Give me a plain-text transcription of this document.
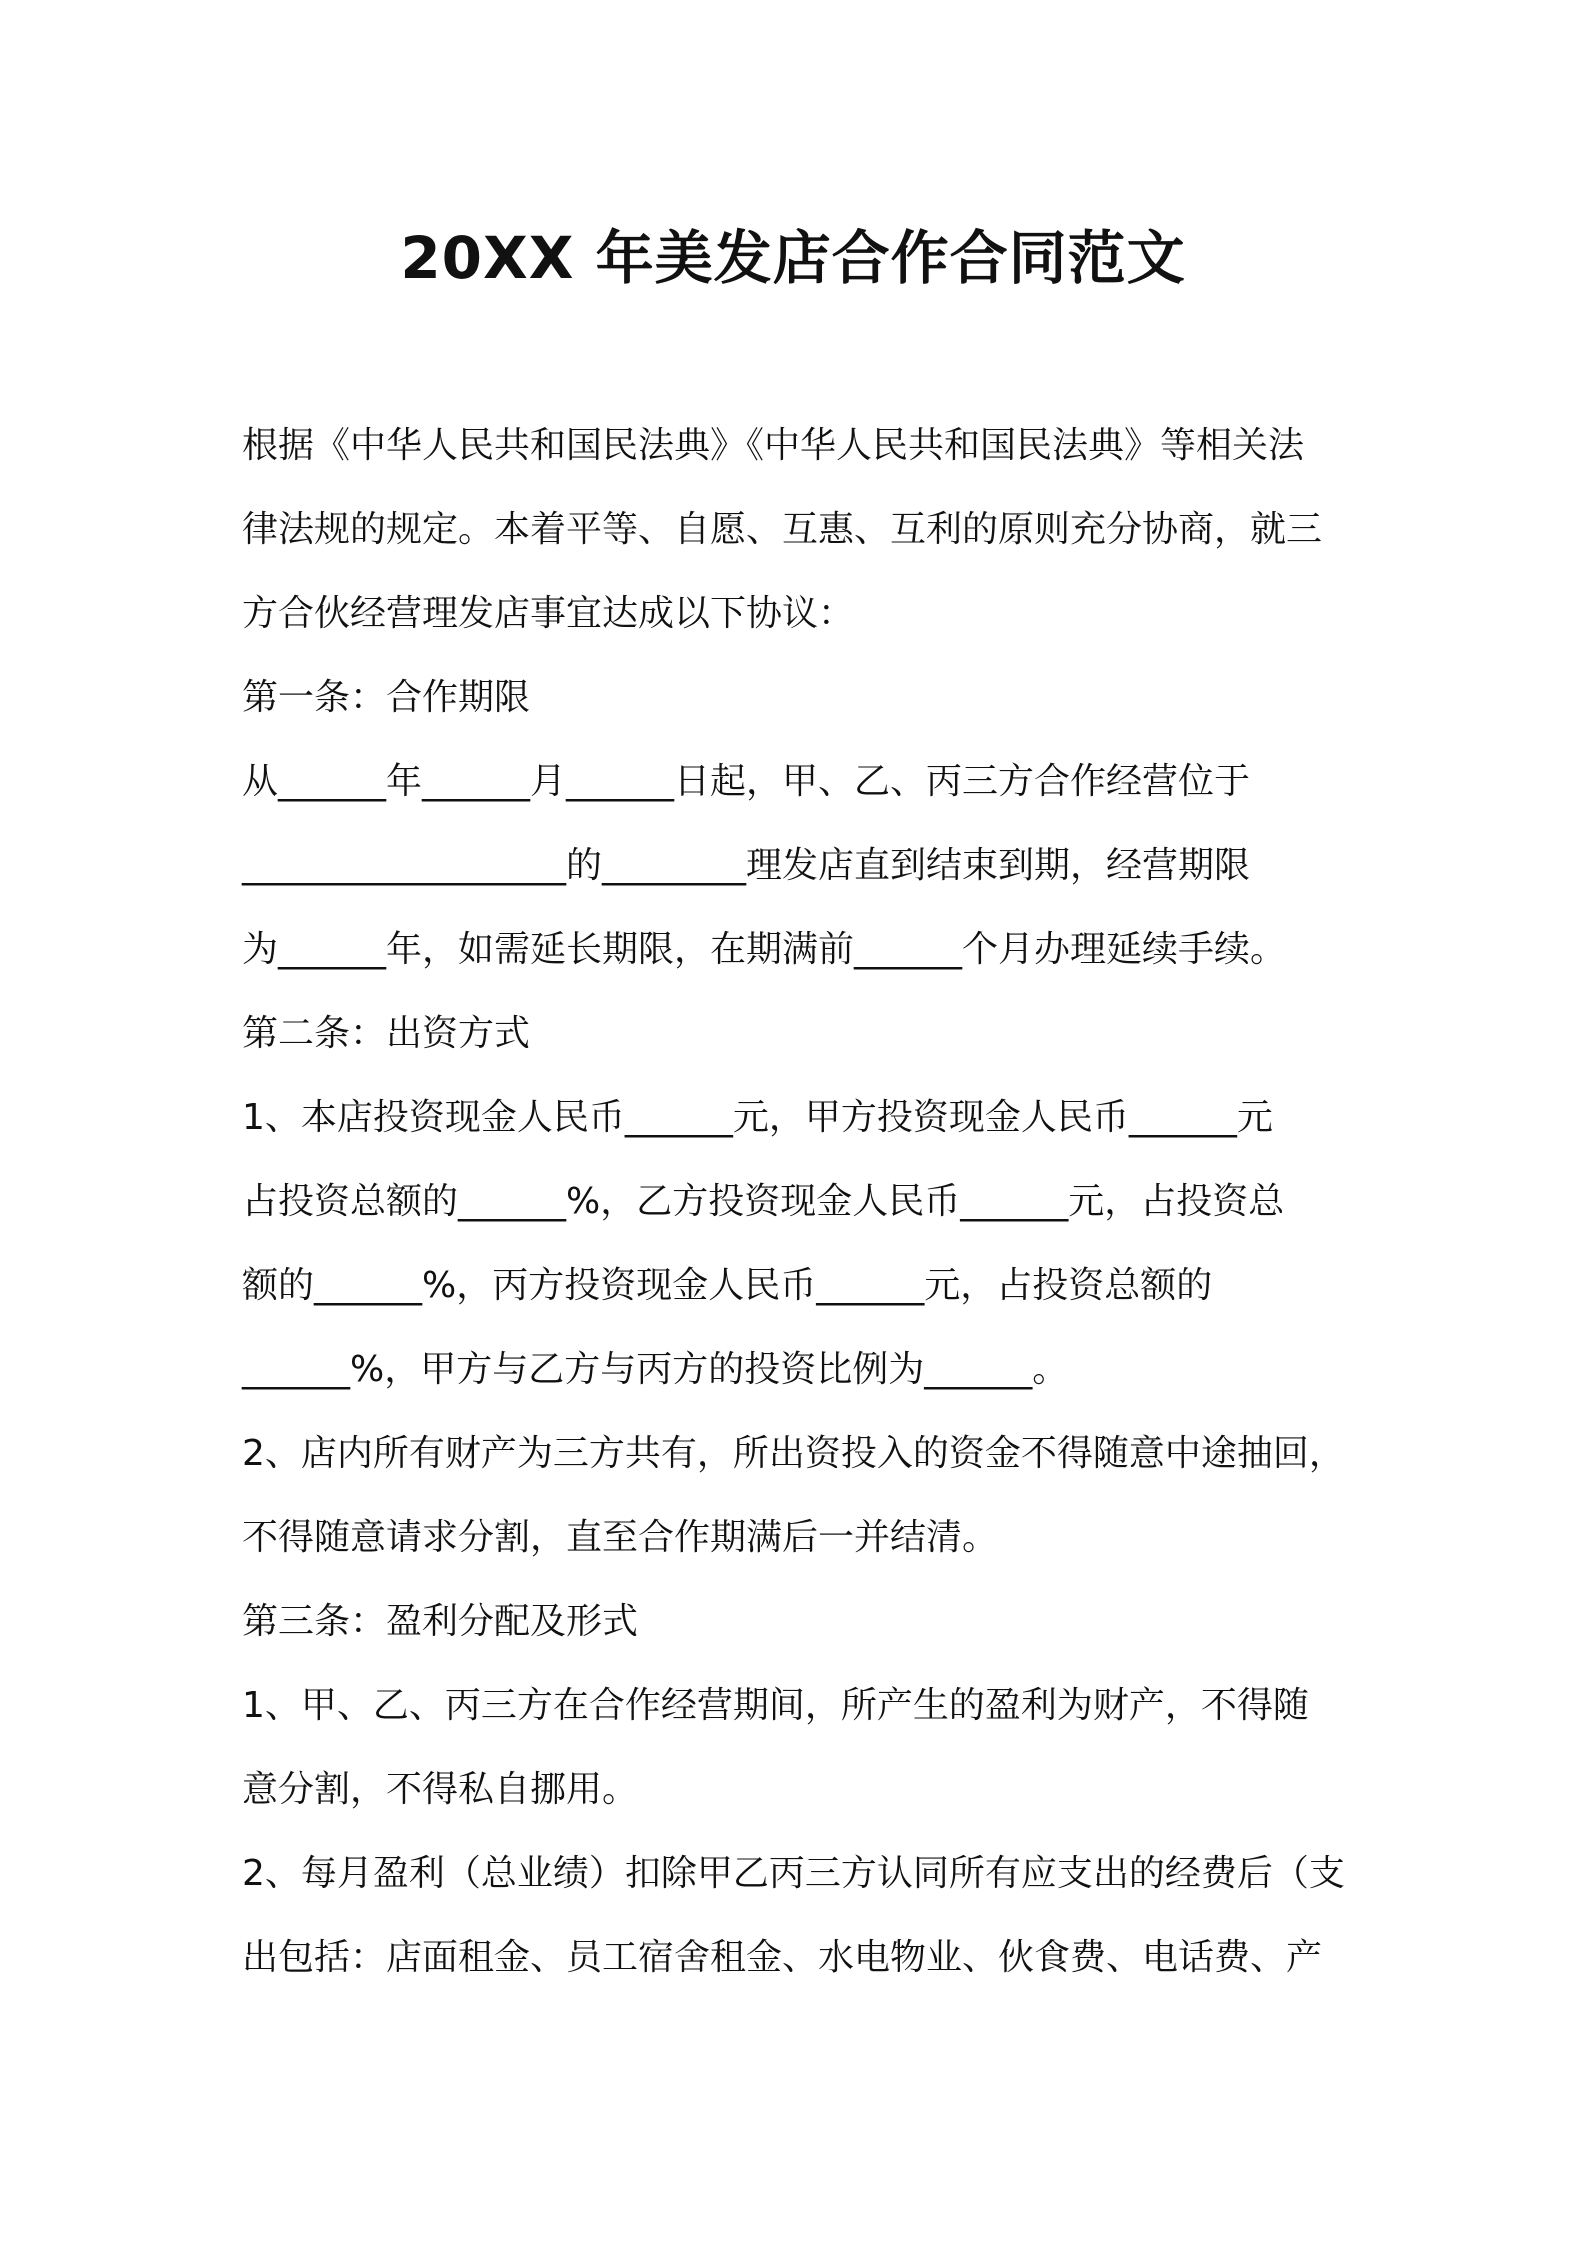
20XX 年美发店合作合同范文
根据《中华人民共和国民法典》《中华人民共和国民法典》等相关法
律法规的规定。本着平等、自愿、互惠、互利的原则充分协商，就三
方合伙经营理发店事宜达成以下协议：
第一条：合作期限
从______年______月______日起，甲、乙、丙三方合作经营位于
__________________的________理发店直到结束到期，经营期限
为______年，如需延长期限，在期满前______个月办理延续手续。
第二条：出资方式
1、本店投资现金人民币______元，甲方投资现金人民币______元
占投资总额的______%，乙方投资现金人民币______元，占投资总
额的______%，丙方投资现金人民币______元，占投资总额的
______%，甲方与乙方与丙方的投资比例为______。
2、店内所有财产为三方共有，所出资投入的资金不得随意中途抽回，
不得随意请求分割，直至合作期满后一并结清。
第三条：盈利分配及形式
1、甲、乙、丙三方在合作经营期间，所产生的盈利为财产，不得随
意分割，不得私自挪用。
2、每月盈利（总业绩）扣除甲乙丙三方认同所有应支出的经费后（支
出包括：店面租金、员工宿舍租金、水电物业、伙食费、电话费、产
